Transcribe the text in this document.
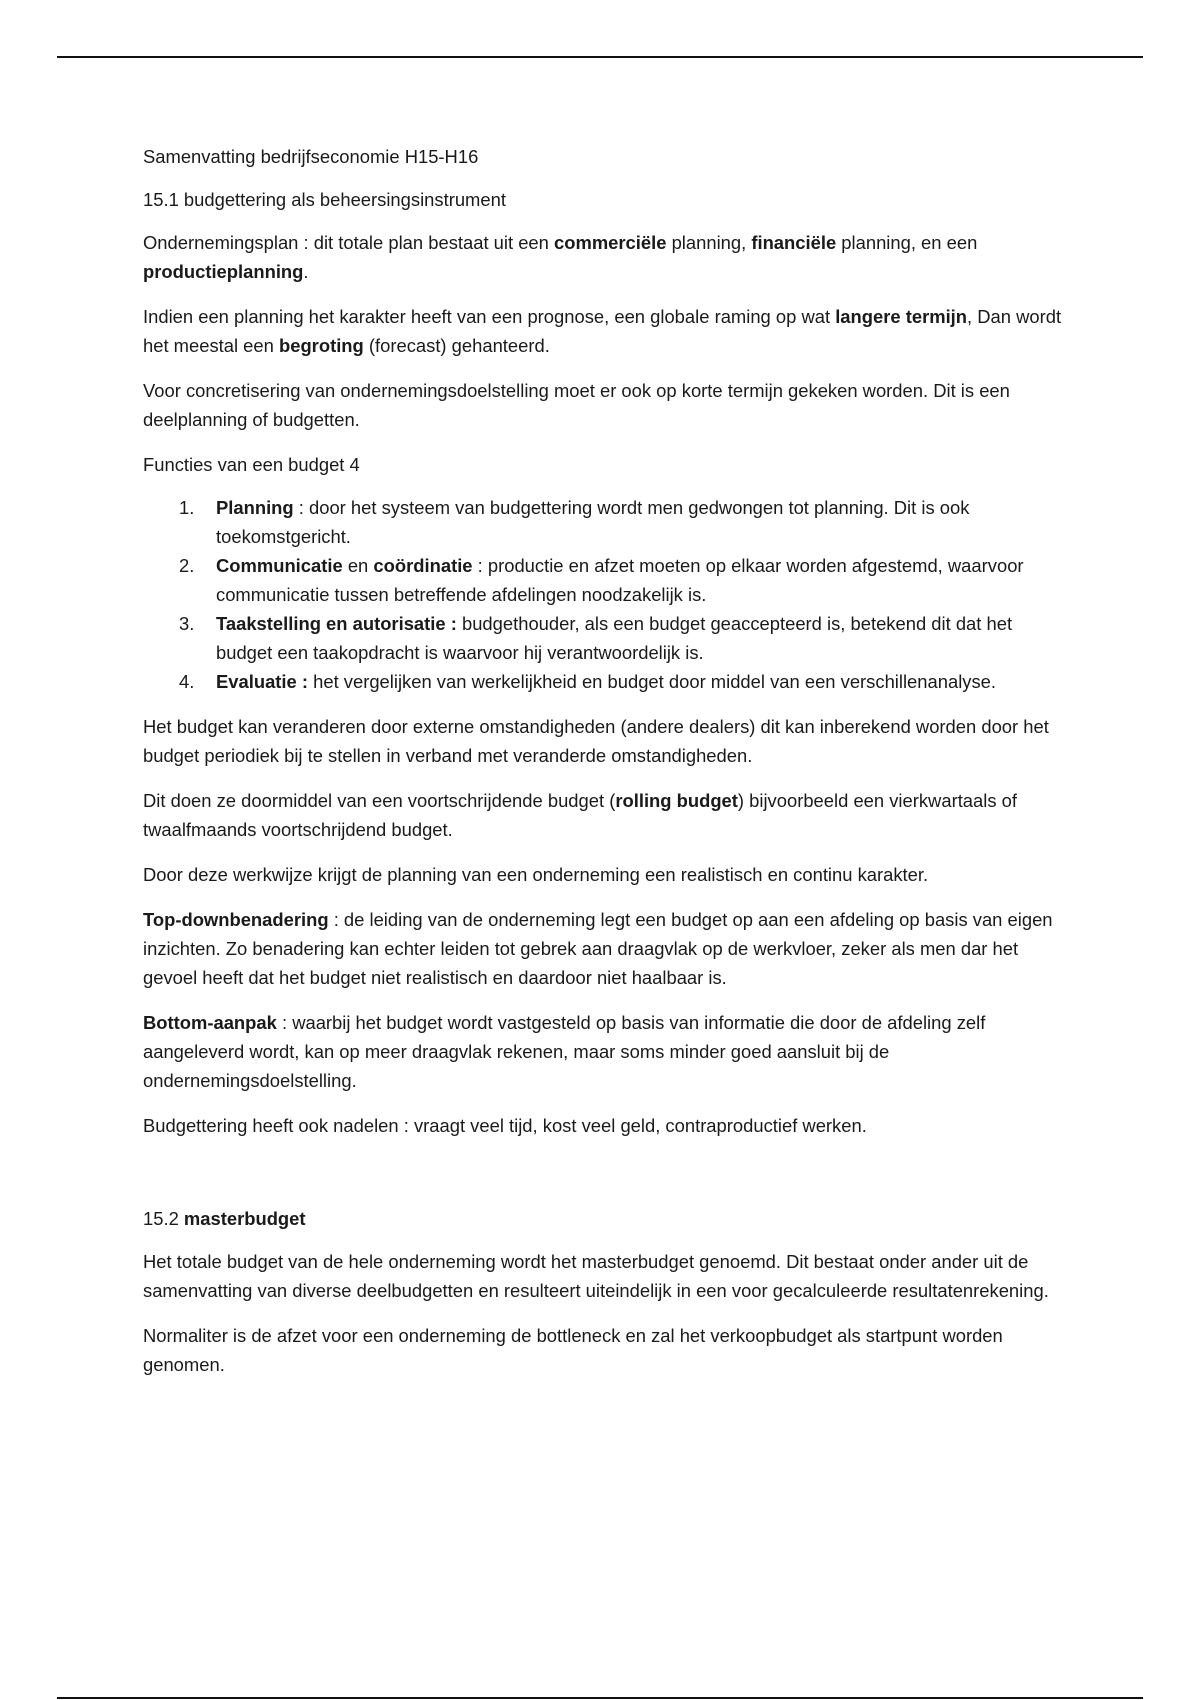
Samenvatting bedrijfseconomie H15-H16

15.1 budgettering als beheersingsinstrument

Ondernemingsplan : dit totale plan bestaat uit een commerciële planning, financiële planning, en een productieplanning.

Indien een planning het karakter heeft van een prognose, een globale raming op wat langere termijn, Dan wordt het meestal een begroting (forecast) gehanteerd.

Voor concretisering van ondernemingsdoelstelling moet er ook op korte termijn gekeken worden. Dit is een deelplanning of budgetten.

Functies van een budget 4

1. Planning : door het systeem van budgettering wordt men gedwongen tot planning. Dit is ook toekomstgericht.
2. Communicatie en coördinatie : productie en afzet moeten op elkaar worden afgestemd, waarvoor communicatie tussen betreffende afdelingen noodzakelijk is.
3. Taakstelling en autorisatie : budgethouder, als een budget geaccepteerd is, betekend dit dat het budget een taakopdracht is waarvoor hij verantwoordelijk is.
4. Evaluatie : het vergelijken van werkelijkheid en budget door middel van een verschillenanalyse.

Het budget kan veranderen door externe omstandigheden (andere dealers) dit kan inberekend worden door het budget periodiek bij te stellen in verband met veranderde omstandigheden.

Dit doen ze doormiddel van een voortschrijdende budget (rolling budget) bijvoorbeeld een vierkwartaals of twaalfmaands voortschrijdend budget.

Door deze werkwijze krijgt de planning van een onderneming een realistisch en continu karakter.

Top-downbenadering : de leiding van de onderneming legt een budget op aan een afdeling op basis van eigen inzichten. Zo benadering kan echter leiden tot gebrek aan draagvlak op de werkvloer, zeker als men dar het gevoel heeft dat het budget niet realistisch en daardoor niet haalbaar is.

Bottom-aanpak : waarbij het budget wordt vastgesteld op basis van informatie die door de afdeling zelf aangeleverd wordt, kan op meer draagvlak rekenen, maar soms minder goed aansluit bij de ondernemingsdoelstelling.

Budgettering heeft ook nadelen : vraagt veel tijd, kost veel geld, contraproductief werken.

15.2 masterbudget

Het totale budget van de hele onderneming wordt het masterbudget genoemd. Dit bestaat onder ander uit de samenvatting van diverse deelbudgetten en resulteert uiteindelijk in een voor gecalculeerde resultatenrekening.

Normaliter is de afzet voor een onderneming de bottleneck en zal het verkoopbudget als startpunt worden genomen.
